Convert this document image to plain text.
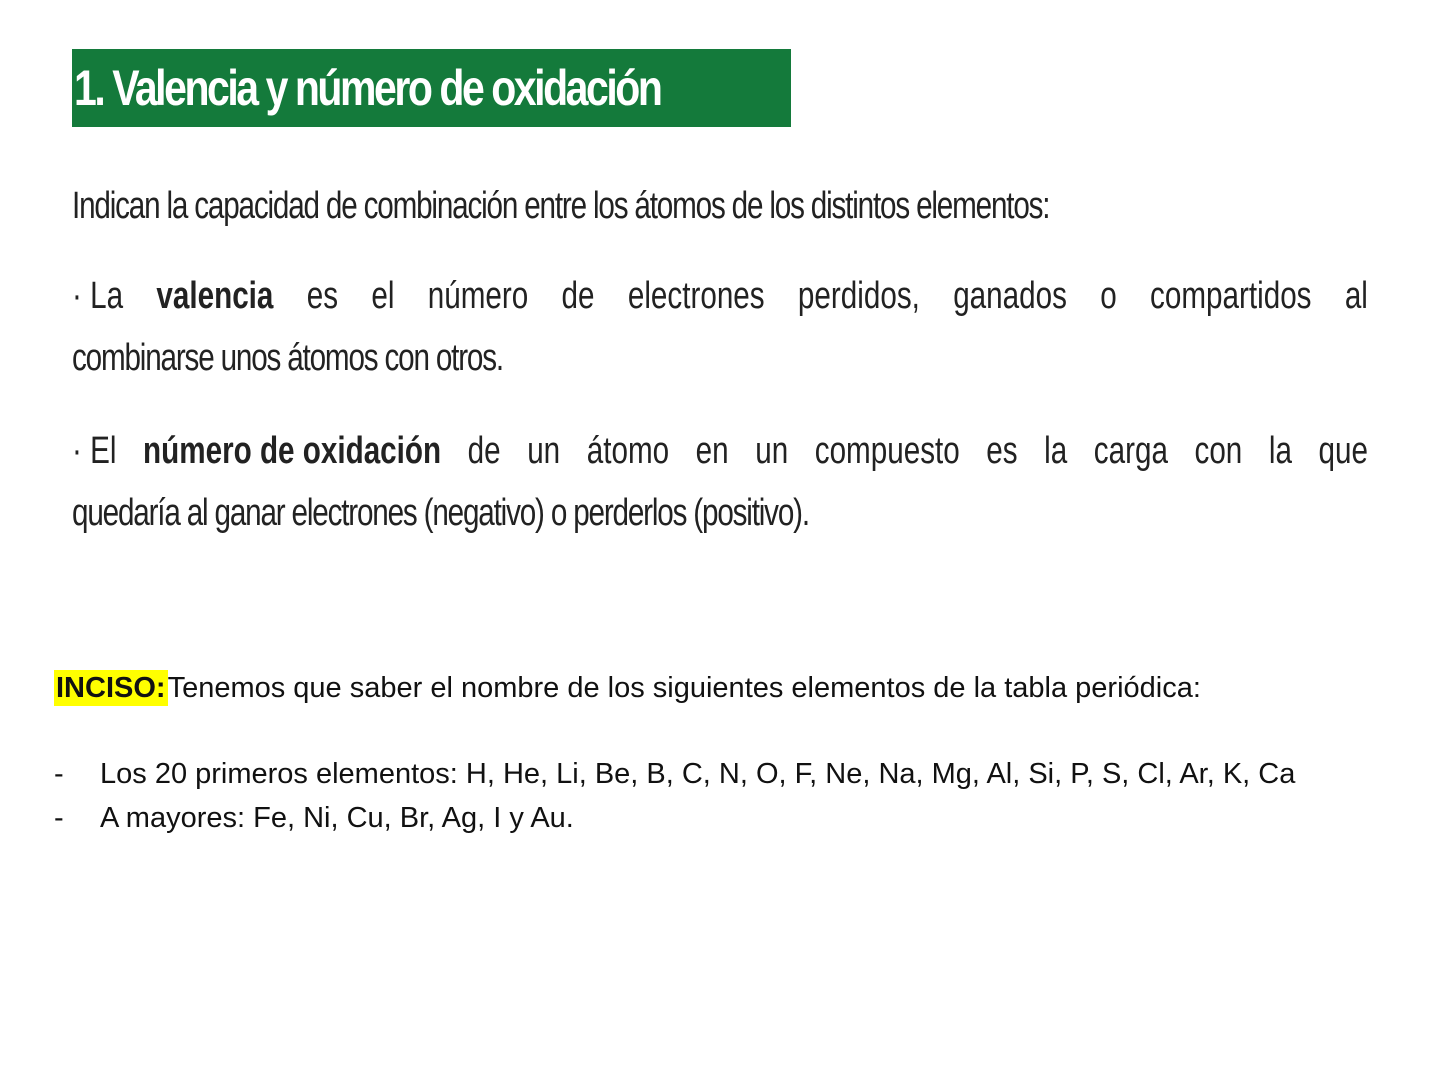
1. Valencia y número de oxidación
Indican la capacidad de combinación entre los átomos de los distintos elementos:
· La valencia es el número de electrones perdidos, ganados o compartidos al
combinarse unos átomos con otros.
· El número de oxidación de un átomo en un compuesto es la carga con la que
quedaría al ganar electrones (negativo) o perderlos (positivo).
INCISO:Tenemos que saber el nombre de los siguientes elementos de la tabla periódica:
-	Los 20 primeros elementos: H, He, Li, Be, B, C, N, O, F, Ne, Na, Mg, Al, Si, P, S, Cl, Ar, K, Ca
-	A mayores: Fe, Ni, Cu, Br, Ag, I y Au.
